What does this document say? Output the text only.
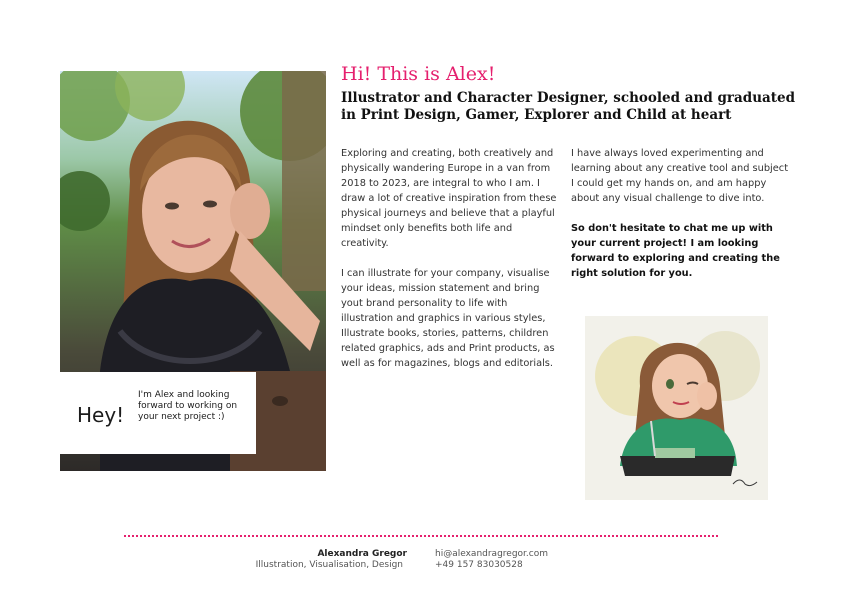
Hey!
I'm Alex and looking forward to working on your next project :)
Hi! This is Alex!
Illustrator and Character Designer, schooled and graduated in Print Design, Gamer, Explorer and Child at heart

Exploring and creating, both creatively and physically wandering Europe in a van from 2018 to 2023, are integral to who I am. I draw a lot of creative inspiration from these physical journeys and believe that a playful mindset only benefits both life and creativity.

I can illustrate for your company, visualise your ideas, mission statement and bring yout brand personality to life with illustration and graphics in various styles, Illustrate books, stories, patterns, children related graphics, ads and Print products, as well as for magazines, blogs and editorials.

I have always loved experimenting and learning about any creative tool and subject I could get my hands on, and am happy about any visual challenge to dive into.

So don't hesitate to chat me up with your current project! I am looking forward to exploring and creating the right solution for you.

Alexandra Gregor
Illustration, Visualisation, Design
hi@alexandragregor.com
+49 157 83030528
